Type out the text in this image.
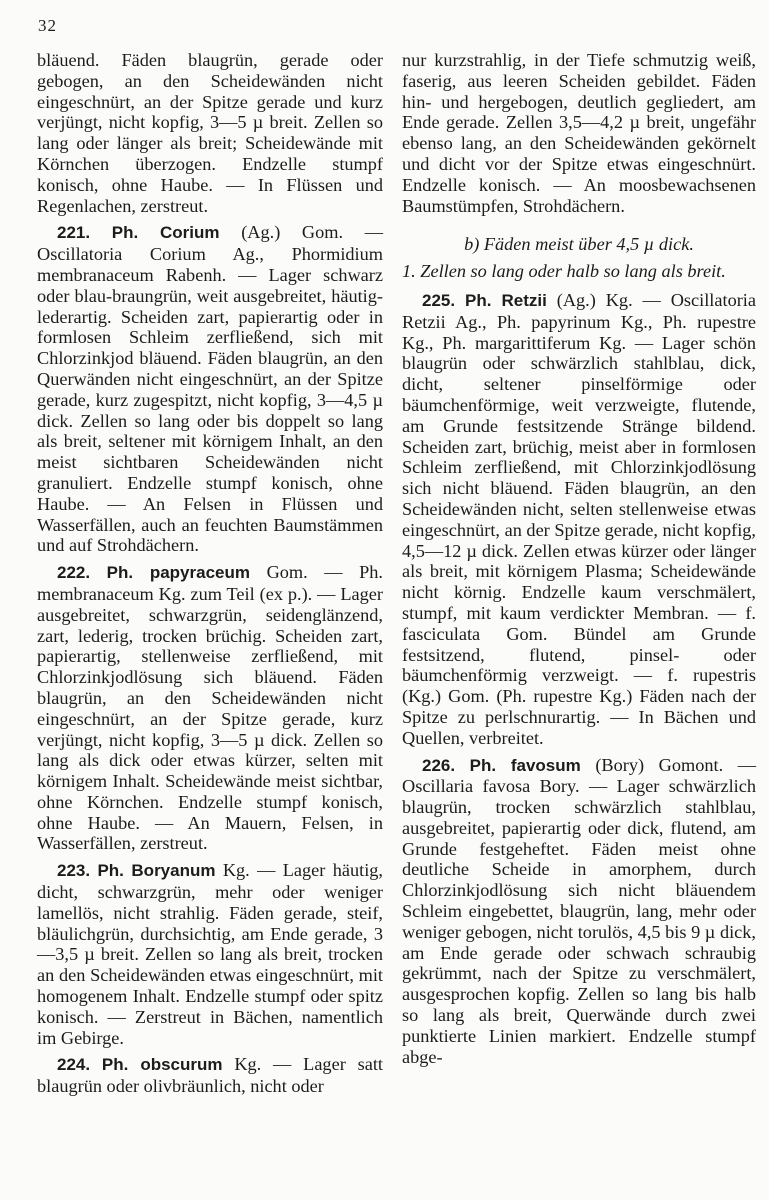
32

bläuend. Fäden blaugrün, gerade oder gebogen, an den Scheidewänden nicht eingeschnürt, an der Spitze gerade und kurz verjüngt, nicht kopfig, 3—5 µ breit. Zellen so lang oder länger als breit; Scheidewände mit Körnchen überzogen. Endzelle stumpf konisch, ohne Haube. — In Flüssen und Regenlachen, zerstreut.

221. Ph. Corium (Ag.) Gom. — Oscillatoria Corium Ag., Phormidium membranaceum Rabenh. — Lager schwarz oder blau-braungrün, weit ausgebreitet, häutig-lederartig. Scheiden zart, papierartig oder in formlosen Schleim zerfließend, sich mit Chlorzinkjod bläuend. Fäden blaugrün, an den Querwänden nicht eingeschnürt, an der Spitze gerade, kurz zugespitzt, nicht kopfig, 3—4,5 µ dick. Zellen so lang oder bis doppelt so lang als breit, seltener mit körnigem Inhalt, an den meist sichtbaren Scheidewänden nicht granuliert. Endzelle stumpf konisch, ohne Haube. — An Felsen in Flüssen und Wasserfällen, auch an feuchten Baumstämmen und auf Strohdächern.

222. Ph. papyraceum Gom. — Ph. membranaceum Kg. zum Teil (ex p.). — Lager ausgebreitet, schwarzgrün, seidenglänzend, zart, lederig, trocken brüchig. Scheiden zart, papierartig, stellenweise zerfließend, mit Chlorzinkjodlösung sich bläuend. Fäden blaugrün, an den Scheidewänden nicht eingeschnürt, an der Spitze gerade, kurz verjüngt, nicht kopfig, 3—5 µ dick. Zellen so lang als dick oder etwas kürzer, selten mit körnigem Inhalt. Scheidewände meist sichtbar, ohne Körnchen. Endzelle stumpf konisch, ohne Haube. — An Mauern, Felsen, in Wasserfällen, zerstreut.

223. Ph. Boryanum Kg. — Lager häutig, dicht, schwarzgrün, mehr oder weniger lamellös, nicht strahlig. Fäden gerade, steif, bläulichgrün, durchsichtig, am Ende gerade, 3—3,5 µ breit. Zellen so lang als breit, trocken an den Scheidewänden etwas eingeschnürt, mit homogenem Inhalt. Endzelle stumpf oder spitz konisch. — Zerstreut in Bächen, namentlich im Gebirge.

224. Ph. obscurum Kg. — Lager satt blaugrün oder olivbräunlich, nicht oder

nur kurzstrahlig, in der Tiefe schmutzig weiß, faserig, aus leeren Scheiden gebildet. Fäden hin- und hergebogen, deutlich gegliedert, am Ende gerade. Zellen 3,5—4,2 µ breit, ungefähr ebenso lang, an den Scheidewänden gekörnelt und dicht vor der Spitze etwas eingeschnürt. Endzelle konisch. — An moosbewachsenen Baumstümpfen, Strohdächern.

b) Fäden meist über 4,5 µ dick.

1. Zellen so lang oder halb so lang als breit.

225. Ph. Retzii (Ag.) Kg. — Oscillatoria Retzii Ag., Ph. papyrinum Kg., Ph. rupestre Kg., Ph. margarittiferum Kg. — Lager schön blaugrün oder schwärzlich stahlblau, dick, dicht, seltener pinselförmige oder bäumchenförmige, weit verzweigte, flutende, am Grunde festsitzende Stränge bildend. Scheiden zart, brüchig, meist aber in formlosen Schleim zerfließend, mit Chlorzinkjodlösung sich nicht bläuend. Fäden blaugrün, an den Scheidewänden nicht, selten stellenweise etwas eingeschnürt, an der Spitze gerade, nicht kopfig, 4,5—12 µ dick. Zellen etwas kürzer oder länger als breit, mit körnigem Plasma; Scheidewände nicht körnig. Endzelle kaum verschmälert, stumpf, mit kaum verdickter Membran. — f. fasciculata Gom. Bündel am Grunde festsitzend, flutend, pinsel- oder bäumchenförmig verzweigt. — f. rupestris (Kg.) Gom. (Ph. rupestre Kg.) Fäden nach der Spitze zu perlschnurartig. — In Bächen und Quellen, verbreitet.

226. Ph. favosum (Bory) Gomont. — Oscillaria favosa Bory. — Lager schwärzlich blaugrün, trocken schwärzlich stahlblau, ausgebreitet, papierartig oder dick, flutend, am Grunde festgeheftet. Fäden meist ohne deutliche Scheide in amorphem, durch Chlorzinkjodlösung sich nicht bläuendem Schleim eingebettet, blaugrün, lang, mehr oder weniger gebogen, nicht torulös, 4,5 bis 9 µ dick, am Ende gerade oder schwach schraubig gekrümmt, nach der Spitze zu verschmälert, ausgesprochen kopfig. Zellen so lang bis halb so lang als breit, Querwände durch zwei punktierte Linien markiert. Endzelle stumpf abge-
